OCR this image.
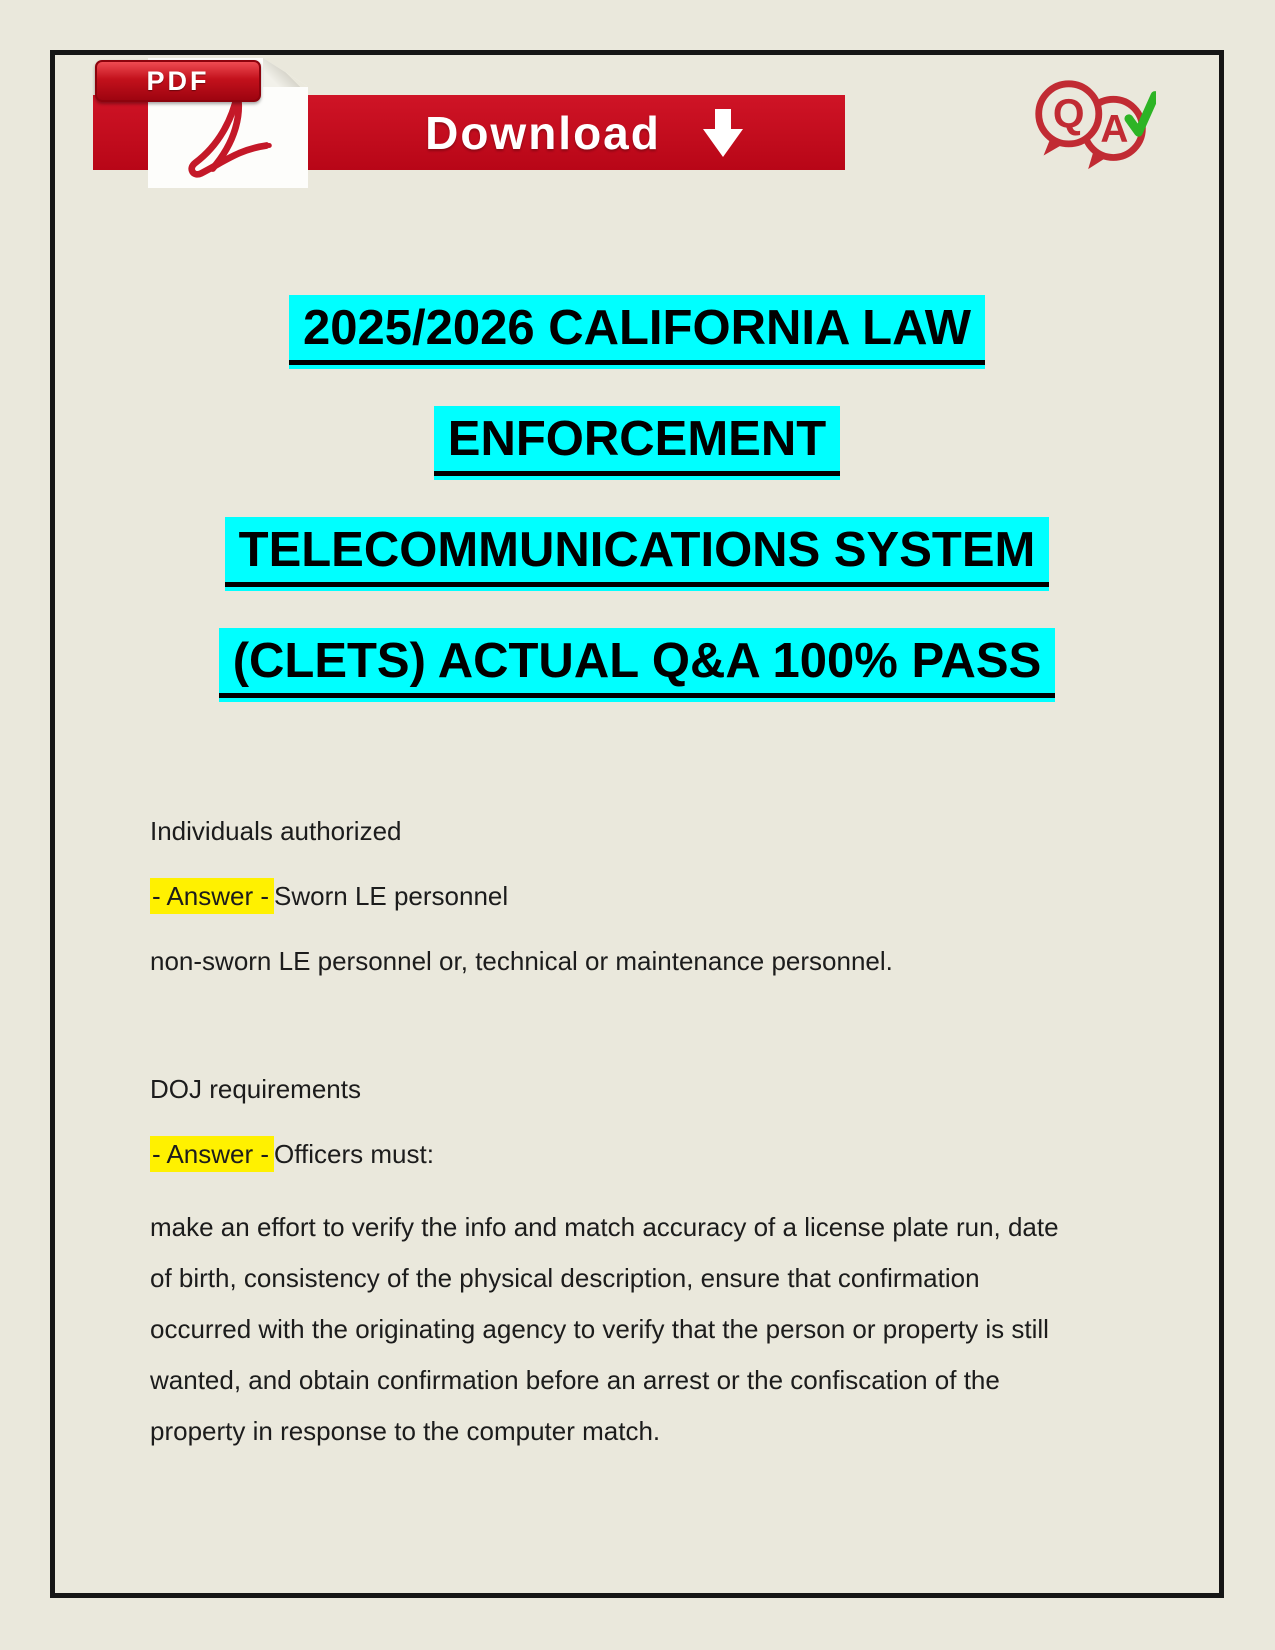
Download
PDF
Q A
2025/2026 CALIFORNIA LAW
ENFORCEMENT
TELECOMMUNICATIONS SYSTEM
(CLETS) ACTUAL Q&A 100% PASS

Individuals authorized

- Answer - Sworn LE personnel

non-sworn LE personnel or, technical or maintenance personnel.

DOJ requirements

- Answer - Officers must:

make an effort to verify the info and match accuracy of a license plate run, date of birth, consistency of the physical description, ensure that confirmation occurred with the originating agency to verify that the person or property is still wanted, and obtain confirmation before an arrest or the confiscation of the property in response to the computer match.
